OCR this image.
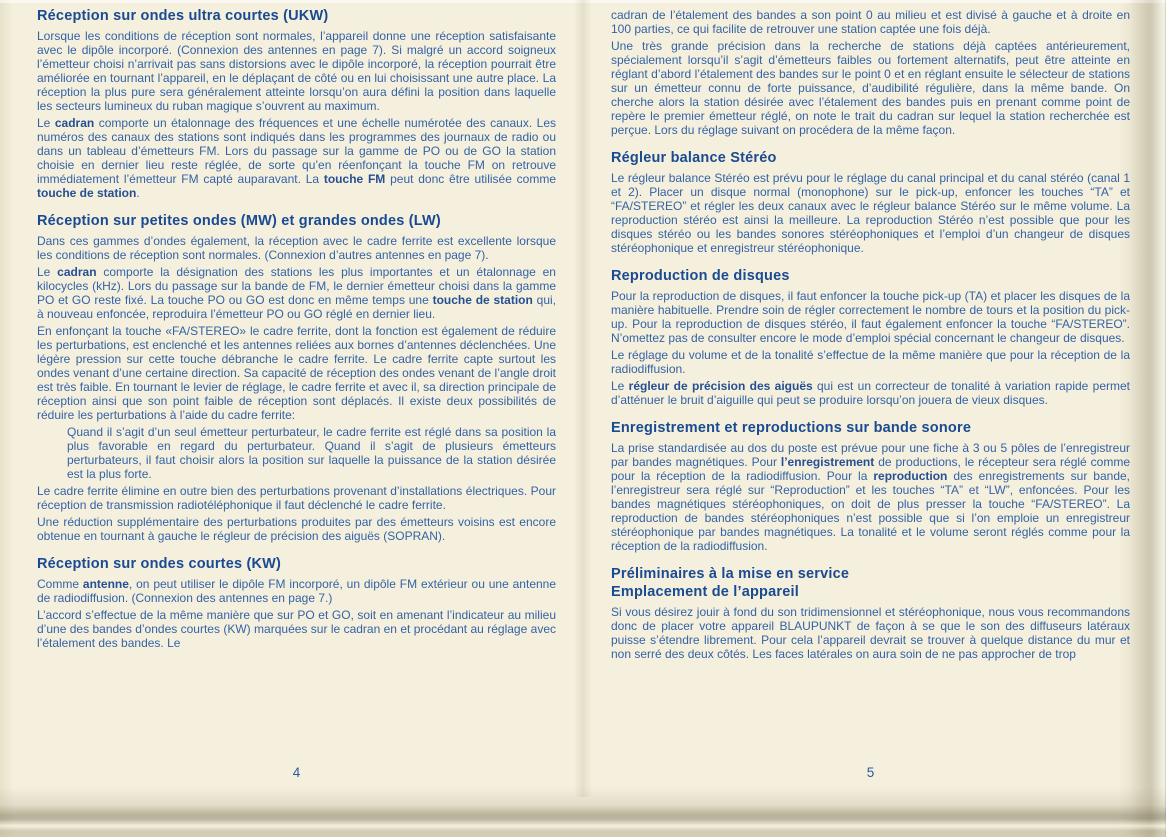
Réception sur ondes ultra courtes (UKW)

Lorsque les conditions de réception sont normales, l’appareil donne une réception satisfaisante avec le dipôle incorporé. (Connexion des antennes en page 7). Si malgré un accord soigneux l’émetteur choisi n’arrivait pas sans distorsions avec le dipôle incorporé, la réception pourrait être améliorée en tournant l’appareil, en le déplaçant de côté ou en lui choisissant une autre place. La réception la plus pure sera généralement atteinte lorsqu’on aura défini la position dans laquelle les secteurs lumineux du ruban magique s’ouvrent au maximum.

Le cadran comporte un étalonnage des fréquences et une échelle numérotée des canaux. Les numéros des canaux des stations sont indiqués dans les programmes des journaux de radio ou dans un tableau d’émetteurs FM. Lors du passage sur la gamme de PO ou de GO la station choisie en dernier lieu reste réglée, de sorte qu’en réenfonçant la touche FM on retrouve immédiatement l’émetteur FM capté auparavant. La touche FM peut donc être utilisée comme touche de station.

Réception sur petites ondes (MW) et grandes ondes (LW)

Dans ces gammes d’ondes également, la réception avec le cadre ferrite est excellente lorsque les conditions de réception sont normales. (Connexion d’autres antennes en page 7).

Le cadran comporte la désignation des stations les plus importantes et un étalonnage en kilocycles (kHz). Lors du passage sur la bande de FM, le dernier émetteur choisi dans la gamme PO et GO reste fixé. La touche PO ou GO est donc en même temps une touche de station qui, à nouveau enfoncée, reproduira l’émetteur PO ou GO réglé en dernier lieu.

En enfonçant la touche «FA/STEREO» le cadre ferrite, dont la fonction est également de réduire les perturbations, est enclenché et les antennes reliées aux bornes d’antennes déclenchées. Une légère pression sur cette touche débranche le cadre ferrite. Le cadre ferrite capte surtout les ondes venant d’une certaine direction. Sa capacité de réception des ondes venant de l’angle droit est très faible. En tournant le levier de réglage, le cadre ferrite et avec il, sa direction principale de réception ainsi que son point faible de réception sont déplacés. Il existe deux possibilités de réduire les perturbations à l’aide du cadre ferrite:

Quand il s’agit d’un seul émetteur perturbateur, le cadre ferrite est réglé dans sa position la plus favorable en regard du perturbateur. Quand il s’agit de plusieurs émetteurs perturbateurs, il faut choisir alors la position sur laquelle la puissance de la station désirée est la plus forte.

Le cadre ferrite élimine en outre bien des perturbations provenant d’installations électriques. Pour réception de transmission radiotéléphonique il faut déclenché le cadre ferrite.

Une réduction supplémentaire des perturbations produites par des émetteurs voisins est encore obtenue en tournant à gauche le régleur de précision des aiguës (SOPRAN).

Réception sur ondes courtes (KW)

Comme antenne, on peut utiliser le dipôle FM incorporé, un dipôle FM extérieur ou une antenne de radiodiffusion. (Connexion des antennes en page 7.)

L’accord s’effectue de la même manière que sur PO et GO, soit en amenant l’indicateur au milieu d’une des bandes d’ondes courtes (KW) marquées sur le cadran en et procédant au réglage avec l’étalement des bandes. Le

4

cadran de l’étalement des bandes a son point 0 au milieu et est divisé à gauche et à droite en 100 parties, ce qui facilite de retrouver une station captée une fois déjà.

Une très grande précision dans la recherche de stations déjà captées antérieurement, spécialement lorsqu’il s’agit d’émetteurs faibles ou fortement alternatifs, peut être atteinte en réglant d’abord l’étalement des bandes sur le point 0 et en réglant ensuite le sélecteur de stations sur un émetteur connu de forte puissance, d’audibilité régulière, dans la même bande. On cherche alors la station désirée avec l’étalement des bandes puis en prenant comme point de repère le premier émetteur réglé, on note le trait du cadran sur lequel la station recherchée est perçue. Lors du réglage suivant on procédera de la même façon.

Régleur balance Stéréo

Le régleur balance Stéréo est prévu pour le réglage du canal principal et du canal stéréo (canal 1 et 2). Placer un disque normal (monophone) sur le pick-up, enfoncer les touches “TA” et “FA/STEREO” et régler les deux canaux avec le régleur balance Stéréo sur le même volume. La reproduction stéréo est ainsi la meilleure. La reproduction Stéréo n’est possible que pour les disques stéréo ou les bandes sonores stéréophoniques et l’emploi d’un changeur de disques stéréophonique et enregistreur stéréophonique.

Reproduction de disques

Pour la reproduction de disques, il faut enfoncer la touche pick-up (TA) et placer les disques de la manière habituelle. Prendre soin de régler correctement le nombre de tours et la position du pick-up. Pour la reproduction de disques stéréo, il faut également enfoncer la touche “FA/STEREO”. N’omettez pas de consulter encore le mode d’emploi spécial concernant le changeur de disques.

Le réglage du volume et de la tonalité s’effectue de la même manière que pour la réception de la radiodiffusion.

Le régleur de précision des aiguës qui est un correcteur de tonalité à variation rapide permet d’atténuer le bruit d’aiguille qui peut se produire lorsqu’on jouera de vieux disques.

Enregistrement et reproductions sur bande sonore

La prise standardisée au dos du poste est prévue pour une fiche à 3 ou 5 pôles de l’enregistreur par bandes magnétiques. Pour l’enregistrement de productions, le récepteur sera réglé comme pour la réception de la radiodiffusion. Pour la reproduction des enregistrements sur bande, l’enregistreur sera réglé sur “Reproduction” et les touches “TA” et “LW”, enfoncées. Pour les bandes magnétiques stéréophoniques, on doit de plus presser la touche “FA/STEREO”. La reproduction de bandes stéréophoniques n’est possible que si l’on emploie un enregistreur stéréophonique par bandes magnétiques. La tonalité et le volume seront réglés comme pour la réception de la radiodiffusion.

Préliminaires à la mise en service
Emplacement de l’appareil

Si vous désirez jouir à fond du son tridimensionnel et stéréophonique, nous vous recommandons donc de placer votre appareil BLAUPUNKT de façon à se que le son des diffuseurs latéraux puisse s’étendre librement. Pour cela l’appareil devrait se trouver à quelque distance du mur et non serré des deux côtés. Les faces latérales on aura soin de ne pas approcher de trop

5
